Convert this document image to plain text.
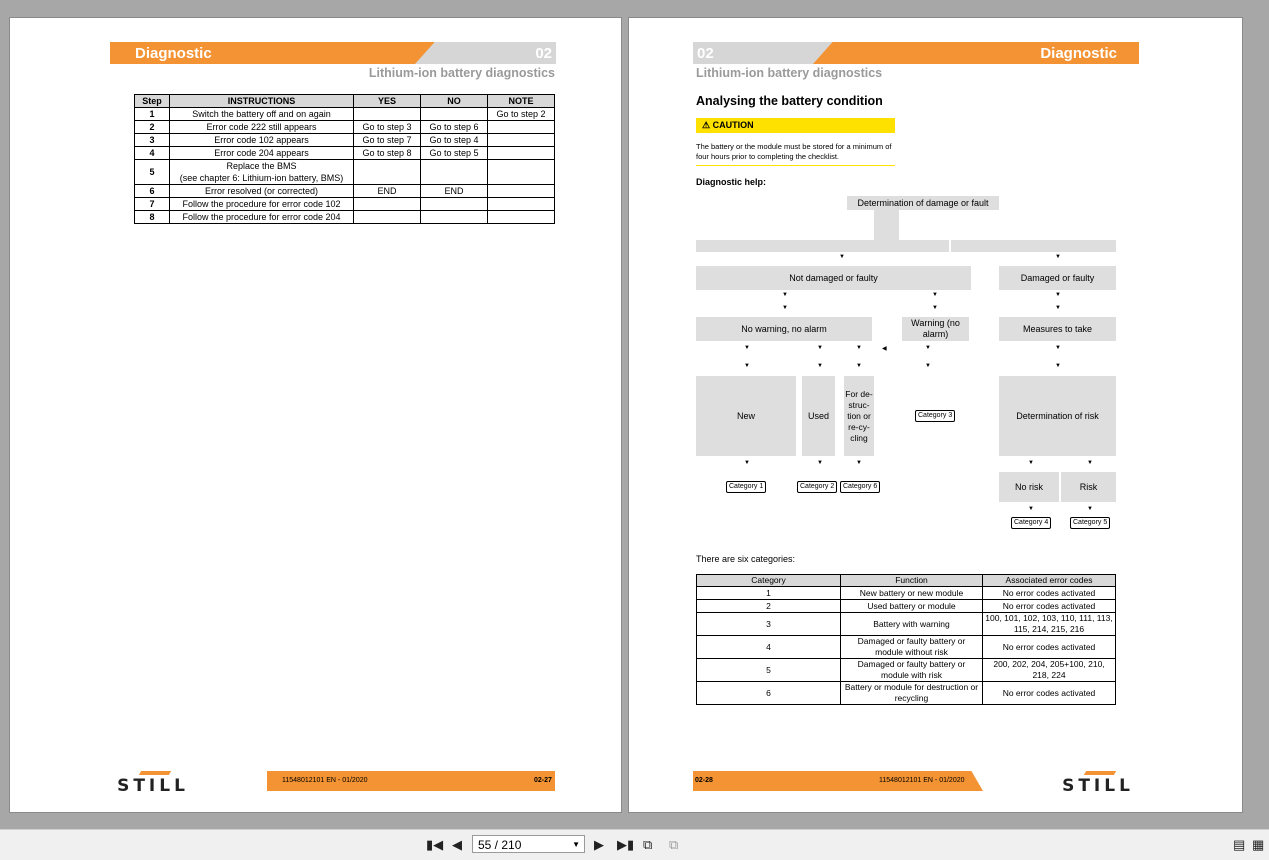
Diagnostic	02
Lithium-ion battery diagnostics
Step	INSTRUCTIONS	YES	NO	NOTE
1	Switch the battery off and on again			Go to step 2
2	Error code 222 still appears	Go to step 3	Go to step 6	
3	Error code 102 appears	Go to step 7	Go to step 4	
4	Error code 204 appears	Go to step 8	Go to step 5	
5	Replace the BMS
(see chapter 6: Lithium-ion battery, BMS)			
6	Error resolved (or corrected)	END	END	
7	Follow the procedure for error code 102			
8	Follow the procedure for error code 204			
11548012101 EN - 01/2020	02-27
STILL
02	Diagnostic
Lithium-ion battery diagnostics
Analysing the battery condition
⚠ CAUTION
The battery or the module must be stored for a minimum of four hours prior to completing the checklist.
Diagnostic help:
Determination of damage or fault
▼	▼
Not damaged or faulty	Damaged or faulty
▼	▼	▼
▼	▼	▼
No warning, no alarm
Warning (no alarm)
Measures to take
▼	▼	▼	◀	▼	▼
▼	▼	▼	▼	▼
New	Used
For de-struc-tion or re-cy-cling
Category 3	Determination of risk
▼	▼	▼	▼	▼
No risk	Risk
Category 1	Category 2	Category 6
▼	▼
Category 4	Category 5
There are six categories:
Category	Function	Associated error codes
1	New battery or new module	No error codes activated
2	Used battery or module	No error codes activated
3	Battery with warning	100, 101, 102, 103, 110, 111, 113, 115, 214, 215, 216
4	Damaged or faulty battery or module without risk	No error codes activated
5	Damaged or faulty battery or module with risk	200, 202, 204, 205+100, 210, 218, 224
6	Battery or module for destruction or recycling	No error codes activated
02-28	11548012101 EN - 01/2020	STILL
▮◀ ◀	55 / 210	▼ ▶ ▶▮ ⧉ ⧉	▤ ▦
